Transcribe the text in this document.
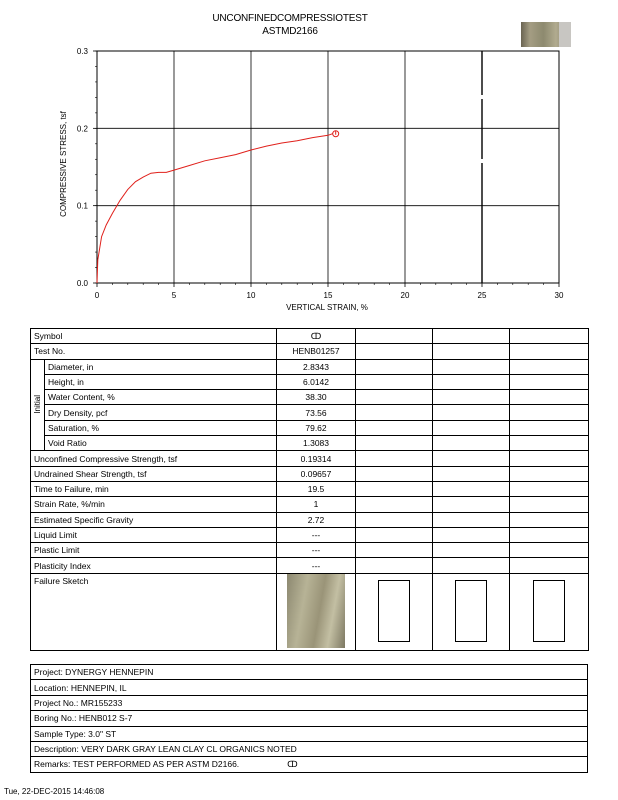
UNCONFINEDCOMPRESSIOTEST
ASTMD2166
0	5	10	15	20	25	30
0.0
0.1
0.2
0.3
VERTICAL STRAIN, %
COMPRESSIVE STRESS, tsf
Symbol		ↀ			
Test No.		HENB01257			
Initial	Diameter, in	2.8343			
	Height, in	6.0142			
	Water Content, %	38.30			
	Dry Density, pcf	73.56			
	Saturation, %	79.62			
	Void Ratio	1.3083			
Unconfined Compressive Strength, tsf		0.19314			
Undrained Shear Strength, tsf		0.09657			
Time to Failure, min		19.5			
Strain Rate, %/min		1			
Estimated Specific Gravity		2.72			
Liquid Limit		---			
Plastic Limit		---			
Plasticity Index		---			
Failure Sketch					
Project: DYNERGY HENNEPIN
Location: HENNEPIN, IL
Project No.: MR155233
Boring No.: HENB012 S-7
Sample Type: 3.0" ST
Description: VERY DARK GRAY LEAN CLAY CL ORGANICS NOTED
Remarks: TEST PERFORMED AS PER ASTM D2166.	ↀ
Tue, 22-DEC-2015 14:46:08
